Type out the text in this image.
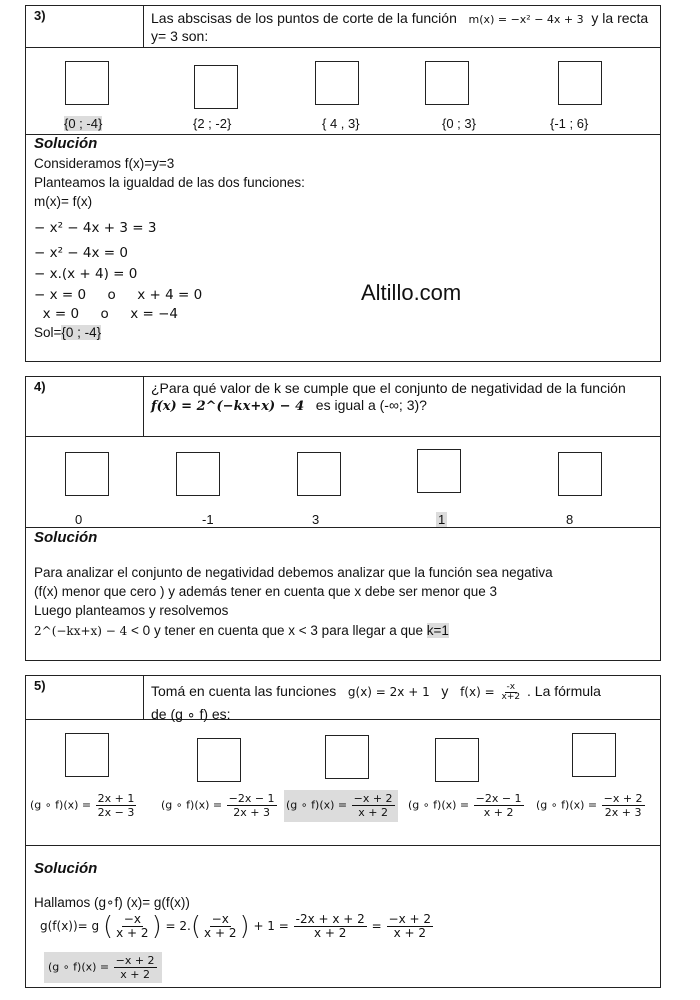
3)	Las abscisas de los puntos de corte de la función m(x) = −x² − 4x + 3 y la recta y= 3 son:
{0 ; -4}	{2 ; -2}	{ 4 , 3}	{0 ; 3}	{-1 ; 6}
Solución
Consideramos f(x)=y=3
Planteamos la igualdad de las dos funciones:
m(x)= f(x)
− x² − 4x + 3 = 3
− x² − 4x = 0
− x.(x + 4) = 0
− x = 0     o     x + 4 = 0
x = 0     o     x = −4
Sol={0 ; -4}
Altillo.com
4)	¿Para qué valor de k se cumple que el conjunto de negatividad de la función
f(x) = 2^(−kx+x) − 4 es igual a (-∞; 3)?
0	-1	3	1	8
Solución
Para analizar el conjunto de negatividad debemos analizar que la función sea negativa
(f(x) menor que cero ) y además tener en cuenta que x debe ser menor que 3
Luego planteamos y resolvemos
2^(−kx+x) − 4 < 0 y tener en cuenta que x < 3 para llegar a que k=1
5)	Tomá en cuenta las funciones g(x) = 2x + 1 y $f(x) = \frac{-x}{x+2}$ . La fórmula
de (g ∘ f) es:
(g ∘ $f)(x) = \frac{2x + 1}{2x - 3} (g$ ∘ $f)(x) = \frac{-2x - 1}{2x + 3} (g$ ∘ $f)(x) = \frac{-x + 2}{x + 2} (g$ ∘ $f)(x) = \frac{-2x - 1}{x + 2} (g$ ∘ $f)(x) = \frac{-x + 2}{2x + 3}$
Solución
Hallamos (g∘f) (x)= g(f(x))
g(f(x))= g ( $\frac{-x}{x + 2}$ ) = $2.( \frac{-x}{x + 2}$ ) + $1 = \frac{-2x + x + 2}{x + 2} = \frac{-x + 2}{x + 2}$
(g ∘ $f)(x) = \frac{-x + 2}{x + 2}$
